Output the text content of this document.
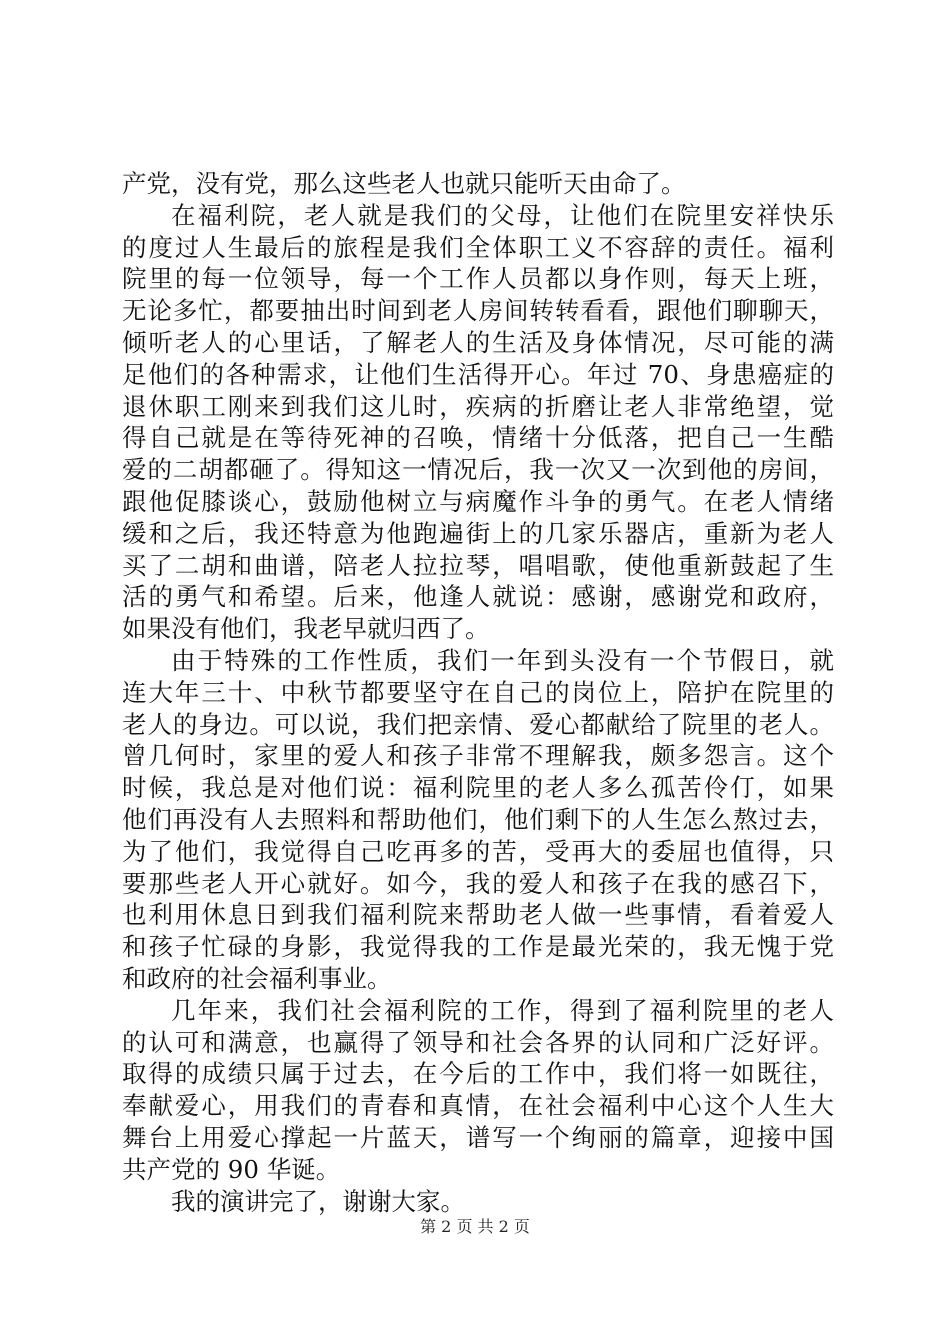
产党，没有党，那么这些老人也就只能听天由命了。
在福利院，老人就是我们的父母，让他们在院里安祥快乐
的度过人生最后的旅程是我们全体职工义不容辞的责任。福利
院里的每一位领导，每一个工作人员都以身作则，每天上班，
无论多忙，都要抽出时间到老人房间转转看看，跟他们聊聊天，
倾听老人的心里话，了解老人的生活及身体情况，尽可能的满
足他们的各种需求，让他们生活得开心。年过 70、身患癌症的
退休职工刚来到我们这儿时，疾病的折磨让老人非常绝望，觉
得自己就是在等待死神的召唤，情绪十分低落，把自己一生酷
爱的二胡都砸了。得知这一情况后，我一次又一次到他的房间，
跟他促膝谈心，鼓励他树立与病魔作斗争的勇气。在老人情绪
缓和之后，我还特意为他跑遍街上的几家乐器店，重新为老人
买了二胡和曲谱，陪老人拉拉琴，唱唱歌，使他重新鼓起了生
活的勇气和希望。后来，他逢人就说：感谢，感谢党和政府，
如果没有他们，我老早就归西了。
由于特殊的工作性质，我们一年到头没有一个节假日，就
连大年三十、中秋节都要坚守在自己的岗位上，陪护在院里的
老人的身边。可以说，我们把亲情、爱心都献给了院里的老人。
曾几何时，家里的爱人和孩子非常不理解我，颇多怨言。这个
时候，我总是对他们说：福利院里的老人多么孤苦伶仃，如果
他们再没有人去照料和帮助他们，他们剩下的人生怎么熬过去，
为了他们，我觉得自己吃再多的苦，受再大的委屈也值得，只
要那些老人开心就好。如今，我的爱人和孩子在我的感召下，
也利用休息日到我们福利院来帮助老人做一些事情，看着爱人
和孩子忙碌的身影，我觉得我的工作是最光荣的，我无愧于党
和政府的社会福利事业。
几年来，我们社会福利院的工作，得到了福利院里的老人
的认可和满意，也赢得了领导和社会各界的认同和广泛好评。
取得的成绩只属于过去，在今后的工作中，我们将一如既往，
奉献爱心，用我们的青春和真情，在社会福利中心这个人生大
舞台上用爱心撑起一片蓝天，谱写一个绚丽的篇章，迎接中国
共产党的 90 华诞。
我的演讲完了，谢谢大家。
第 2 页 共 2 页
